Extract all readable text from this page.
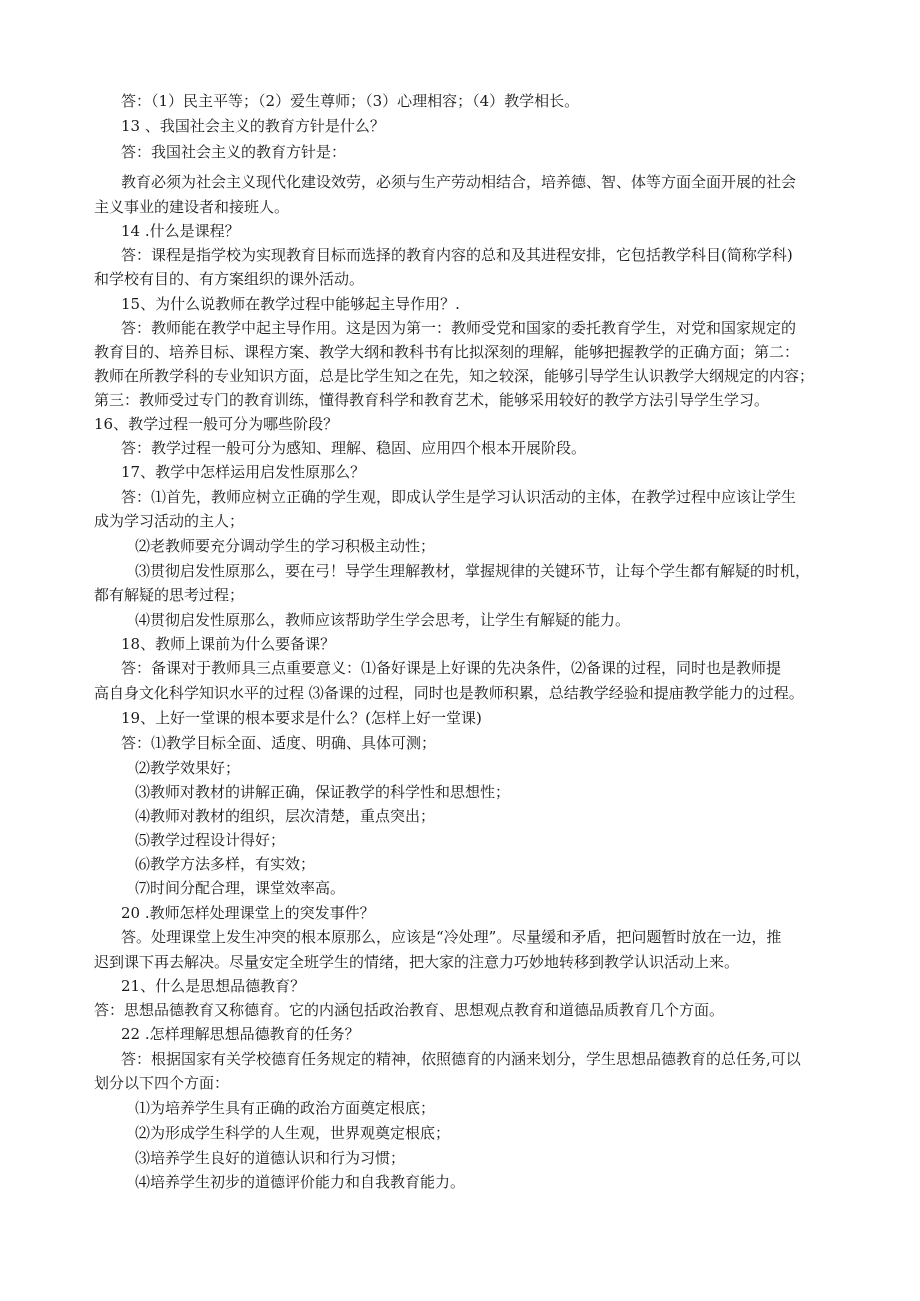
答：（1）民主平等；（2）爱生尊师；（3）心理相容；（4）教学相长。
13 、我国社会主义的教育方针是什么？
答：我国社会主义的教育方针是：
教育必须为社会主义现代化建设效劳，必须与生产劳动相结合，培养德、智、体等方面全面开展的社会
主义事业的建设者和接班人。
14 .什么是课程？
答：课程是指学校为实现教育目标而选择的教育内容的总和及其进程安排，它包括教学科目(简称学科)
和学校有目的、有方案组织的课外活动。
15、为什么说教师在教学过程中能够起主导作用？.
答：教师能在教学中起主导作用。这是因为第一：教师受党和国家的委托教育学生，对党和国家规定的
教育目的、培养目标、课程方案、教学大纲和教科书有比拟深刻的理解，能够把握教学的正确方面；第二：
教师在所教学科的专业知识方面，总是比学生知之在先，知之较深，能够引导学生认识教学大纲规定的内容；
第三：教师受过专门的教育训练，懂得教育科学和教育艺术，能够采用较好的教学方法引导学生学习。
16、教学过程一般可分为哪些阶段？
答：教学过程一般可分为感知、理解、稳固、应用四个根本开展阶段。
17、教学中怎样运用启发性原那么？
答：⑴首先，教师应树立正确的学生观，即成认学生是学习认识活动的主体，在教学过程中应该让学生
成为学习活动的主人；
⑵老教师要充分调动学生的学习积极主动性；
⑶贯彻启发性原那么，要在弓！导学生理解教材，掌握规律的关键环节，让每个学生都有解疑的时机，
都有解疑的思考过程；
⑷贯彻启发性原那么，教师应该帮助学生学会思考，让学生有解疑的能力。
18、教师上课前为什么要备课？
答：备课对于教师具三点重要意义：⑴备好课是上好课的先决条件，⑵备课的过程，同时也是教师提
高自身文化科学知识水平的过程 ⑶备课的过程，同时也是教师积累，总结教学经验和提庙教学能力的过程。
19、上好一堂课的根本要求是什么？(怎样上好一堂课)
答：⑴教学目标全面、适度、明确、具体可测；
⑵教学效果好；
⑶教师对教材的讲解正确，保证教学的科学性和思想性；
⑷教师对教材的组织，层次清楚，重点突出；
⑸教学过程设计得好；
⑹教学方法多样，有实效；
⑺时间分配合理，课堂效率高。
20 .教师怎样处理课堂上的突发事件？
答。处理课堂上发生冲突的根本原那么，应该是“冷处理”。尽量缓和矛盾，把问题暂时放在一边，推
迟到课下再去解决。尽量安定全班学生的情绪，把大家的注意力巧妙地转移到教学认识活动上来。
21、什么是思想品德教育？
答：思想品德教育又称德育。它的内涵包括政治教育、思想观点教育和道德品质教育几个方面。
22 .怎样理解思想品德教育的任务？
答：根据国家有关学校德育任务规定的精神，依照德育的内涵来划分，学生思想品德教育的总任务,可以
划分以下四个方面：
⑴为培养学生具有正确的政治方面奠定根底；
⑵为形成学生科学的人生观，世界观奠定根底；
⑶培养学生良好的道德认识和行为习惯；
⑷培养学生初步的道德评价能力和自我教育能力。
